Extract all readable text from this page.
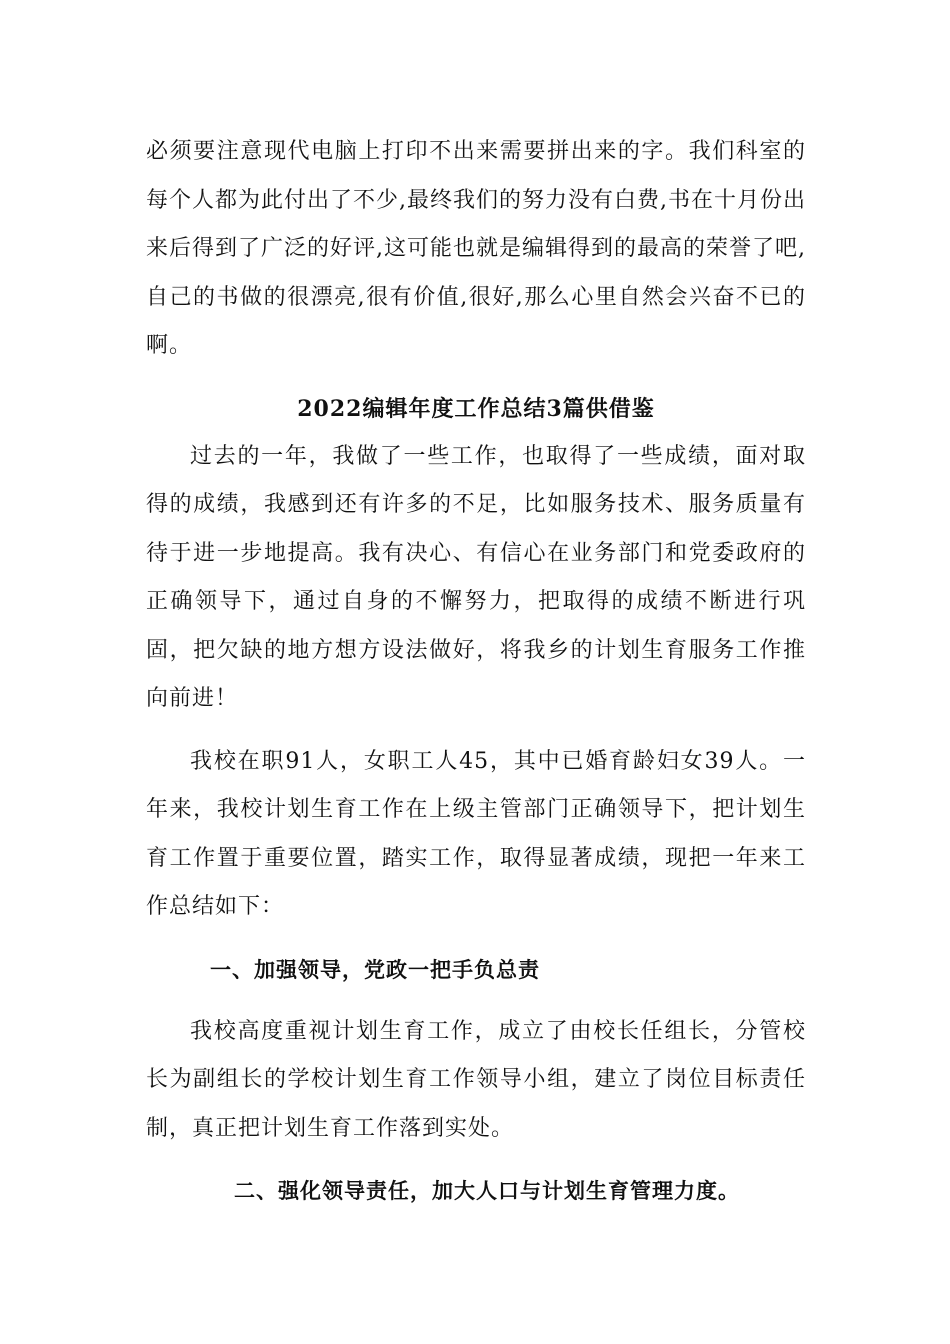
必须要注意现代电脑上打印不出来需要拼出来的字。我们科室的每个人都为此付出了不少,最终我们的努力没有白费,书在十月份出来后得到了广泛的好评,这可能也就是编辑得到的最高的荣誉了吧,自己的书做的很漂亮,很有价值,很好,那么心里自然会兴奋不已的啊。

2022编辑年度工作总结3篇供借鉴

过去的一年，我做了一些工作，也取得了一些成绩，面对取得的成绩，我感到还有许多的不足，比如服务技术、服务质量有待于进一步地提高。我有决心、有信心在业务部门和党委政府的正确领导下，通过自身的不懈努力，把取得的成绩不断进行巩固，把欠缺的地方想方设法做好，将我乡的计划生育服务工作推向前进！

我校在职91人，女职工人45，其中已婚育龄妇女39人。一年来，我校计划生育工作在上级主管部门正确领导下，把计划生育工作置于重要位置，踏实工作，取得显著成绩，现把一年来工作总结如下：

一、加强领导，党政一把手负总责

我校高度重视计划生育工作，成立了由校长任组长，分管校长为副组长的学校计划生育工作领导小组，建立了岗位目标责任制，真正把计划生育工作落到实处。

二、强化领导责任，加大人口与计划生育管理力度。
